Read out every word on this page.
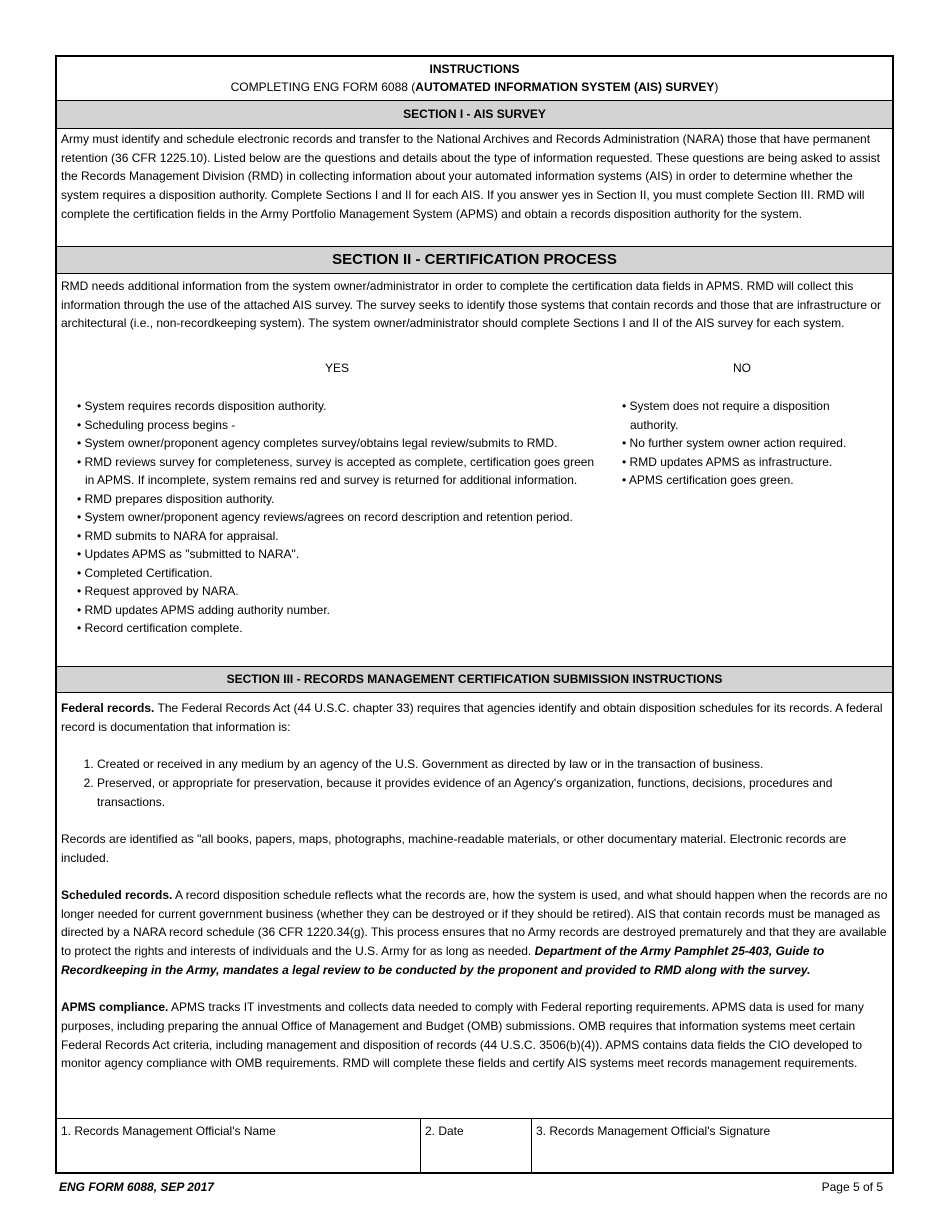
INSTRUCTIONS
COMPLETING ENG FORM 6088 (AUTOMATED INFORMATION SYSTEM (AIS) SURVEY)
SECTION I - AIS SURVEY

Army must identify and schedule electronic records and transfer to the National Archives and Records Administration (NARA) those that have permanent retention (36 CFR 1225.10). Listed below are the questions and details about the type of information requested. These questions are being asked to assist the Records Management Division (RMD) in collecting information about your automated information systems (AIS) in order to determine whether the system requires a disposition authority. Complete Sections I and II for each AIS. If you answer yes in Section II, you must complete Section III. RMD will complete the certification fields in the Army Portfolio Management System (APMS) and obtain a records disposition authority for the system.

SECTION II - CERTIFICATION PROCESS

RMD needs additional information from the system owner/administrator in order to complete the certification data fields in APMS. RMD will collect this information through the use of the attached AIS survey. The survey seeks to identify those systems that contain records and those that are infrastructure or architectural (i.e., non-recordkeeping system). The system owner/administrator should complete Sections I and II of the AIS survey for each system.

YES	NO
• System requires records disposition authority.
• Scheduling process begins -
• System owner/proponent agency completes survey/obtains legal review/submits to RMD.
• RMD reviews survey for completeness, survey is accepted as complete, certification goes green in APMS. If incomplete, system remains red and survey is returned for additional information.
• RMD prepares disposition authority.
• System owner/proponent agency reviews/agrees on record description and retention period.
• RMD submits to NARA for appraisal.
• Updates APMS as "submitted to NARA".
• Completed Certification.
• Request approved by NARA.
• RMD updates APMS adding authority number.
• Record certification complete.
• System does not require a disposition authority.
• No further system owner action required.
• RMD updates APMS as infrastructure.
• APMS certification goes green.
SECTION III - RECORDS MANAGEMENT CERTIFICATION SUBMISSION INSTRUCTIONS

Federal records. The Federal Records Act (44 U.S.C. chapter 33) requires that agencies identify and obtain disposition schedules for its records. A federal record is documentation that information is:

1. Created or received in any medium by an agency of the U.S. Government as directed by law or in the transaction of business.
2. Preserved, or appropriate for preservation, because it provides evidence of an Agency's organization, functions, decisions, procedures and transactions.

Records are identified as "all books, papers, maps, photographs, machine-readable materials, or other documentary material. Electronic records are included.

Scheduled records. A record disposition schedule reflects what the records are, how the system is used, and what should happen when the records are no longer needed for current government business (whether they can be destroyed or if they should be retired). AIS that contain records must be managed as directed by a NARA record schedule (36 CFR 1220.34(g). This process ensures that no Army records are destroyed prematurely and that they are available to protect the rights and interests of individuals and the U.S. Army for as long as needed. Department of the Army Pamphlet 25-403, Guide to Recordkeeping in the Army, mandates a legal review to be conducted by the proponent and provided to RMD along with the survey.

APMS compliance. APMS tracks IT investments and collects data needed to comply with Federal reporting requirements. APMS data is used for many purposes, including preparing the annual Office of Management and Budget (OMB) submissions. OMB requires that information systems meet certain Federal Records Act criteria, including management and disposition of records (44 U.S.C. 3506(b)(4)). APMS contains data fields the CIO developed to monitor agency compliance with OMB requirements. RMD will complete these fields and certify AIS systems meet records management requirements.

1. Records Management Official's Name	2. Date	3. Records Management Official's Signature
ENG FORM 6088, SEP 2017	Page 5 of 5
